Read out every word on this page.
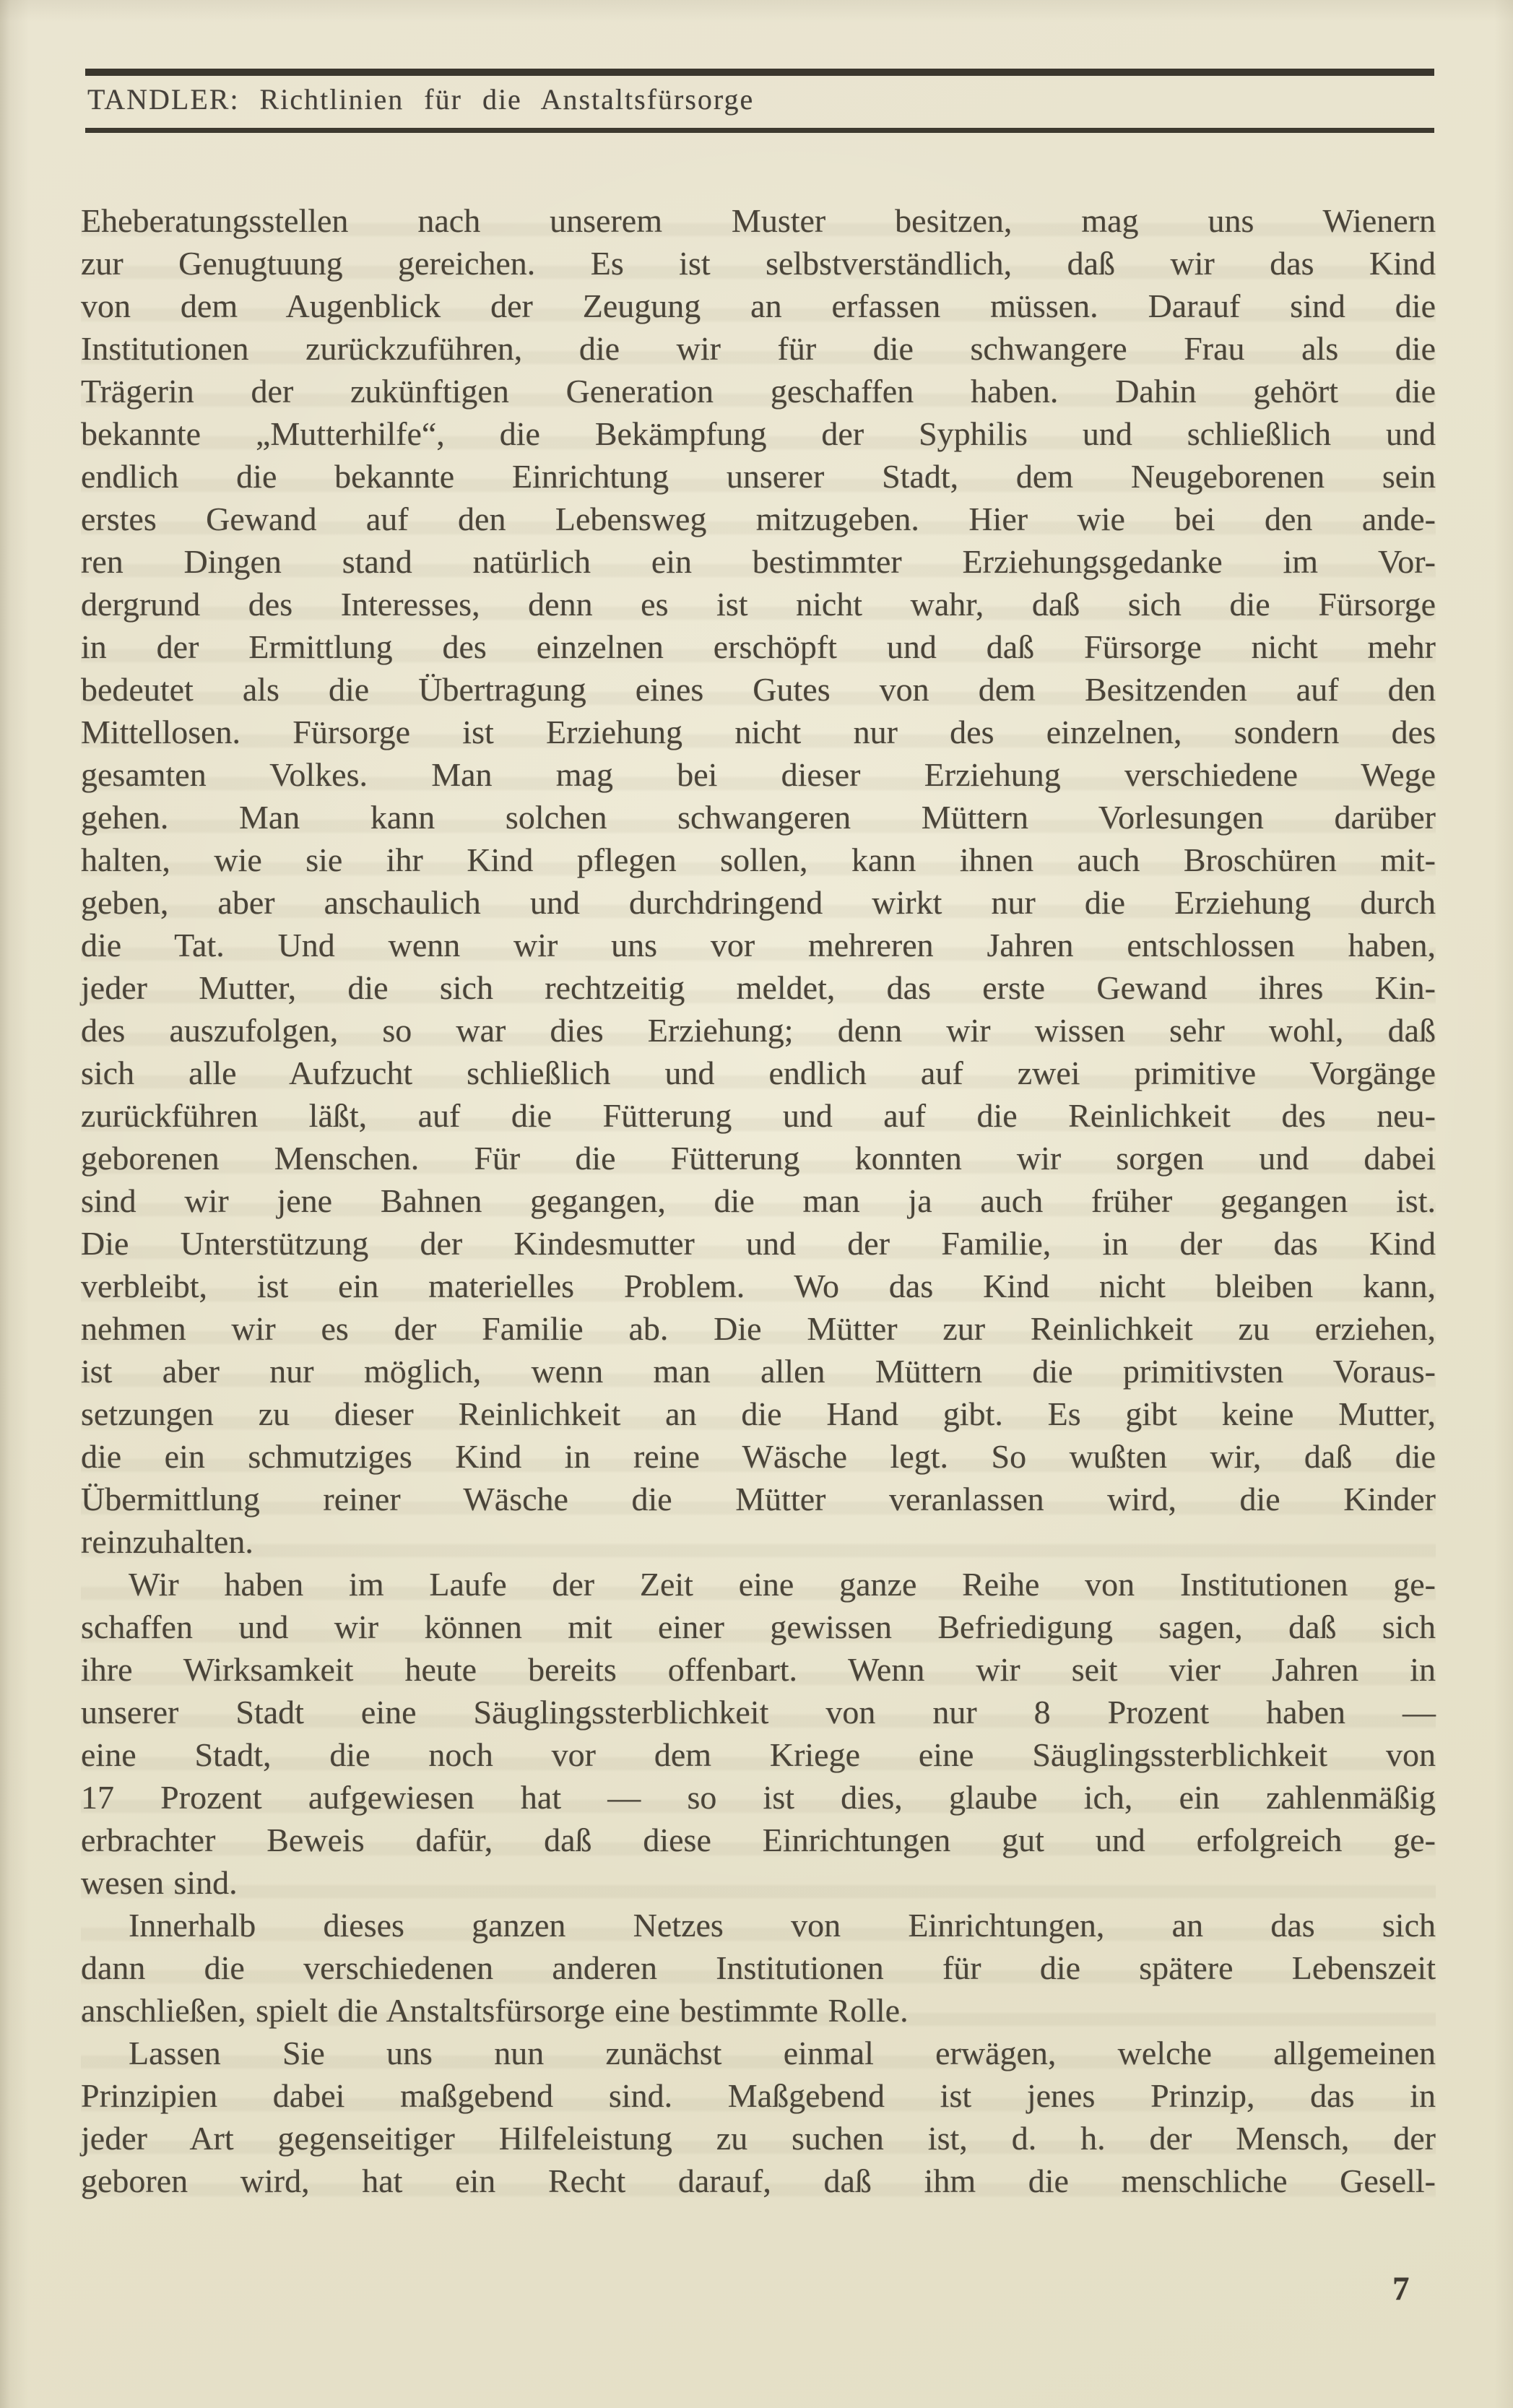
TANDLER: Richtlinien für die Anstaltsfürsorge
Eheberatungsstellen nach unserem Muster besitzen, mag uns Wienern
zur Genugtuung gereichen. Es ist selbstverständlich, daß wir das Kind
von dem Augenblick der Zeugung an erfassen müssen. Darauf sind die
Institutionen zurückzuführen, die wir für die schwangere Frau als die
Trägerin der zukünftigen Generation geschaffen haben. Dahin gehört die
bekannte „Mutterhilfe“, die Bekämpfung der Syphilis und schließlich und
endlich die bekannte Einrichtung unserer Stadt, dem Neugeborenen sein
erstes Gewand auf den Lebensweg mitzugeben. Hier wie bei den ande-
ren Dingen stand natürlich ein bestimmter Erziehungsgedanke im Vor-
dergrund des Interesses, denn es ist nicht wahr, daß sich die Fürsorge
in der Ermittlung des einzelnen erschöpft und daß Fürsorge nicht mehr
bedeutet als die Übertragung eines Gutes von dem Besitzenden auf den
Mittellosen. Fürsorge ist Erziehung nicht nur des einzelnen, sondern des
gesamten Volkes. Man mag bei dieser Erziehung verschiedene Wege
gehen. Man kann solchen schwangeren Müttern Vorlesungen darüber
halten, wie sie ihr Kind pflegen sollen, kann ihnen auch Broschüren mit-
geben, aber anschaulich und durchdringend wirkt nur die Erziehung durch
die Tat. Und wenn wir uns vor mehreren Jahren entschlossen haben,
jeder Mutter, die sich rechtzeitig meldet, das erste Gewand ihres Kin-
des auszufolgen, so war dies Erziehung; denn wir wissen sehr wohl, daß
sich alle Aufzucht schließlich und endlich auf zwei primitive Vorgänge
zurückführen läßt, auf die Fütterung und auf die Reinlichkeit des neu-
geborenen Menschen. Für die Fütterung konnten wir sorgen und dabei
sind wir jene Bahnen gegangen, die man ja auch früher gegangen ist.
Die Unterstützung der Kindesmutter und der Familie, in der das Kind
verbleibt, ist ein materielles Problem. Wo das Kind nicht bleiben kann,
nehmen wir es der Familie ab. Die Mütter zur Reinlichkeit zu erziehen,
ist aber nur möglich, wenn man allen Müttern die primitivsten Voraus-
setzungen zu dieser Reinlichkeit an die Hand gibt. Es gibt keine Mutter,
die ein schmutziges Kind in reine Wäsche legt. So wußten wir, daß die
Übermittlung reiner Wäsche die Mütter veranlassen wird, die Kinder
reinzuhalten.
Wir haben im Laufe der Zeit eine ganze Reihe von Institutionen ge-
schaffen und wir können mit einer gewissen Befriedigung sagen, daß sich
ihre Wirksamkeit heute bereits offenbart. Wenn wir seit vier Jahren in
unserer Stadt eine Säuglingssterblichkeit von nur 8 Prozent haben —
eine Stadt, die noch vor dem Kriege eine Säuglingssterblichkeit von
17 Prozent aufgewiesen hat — so ist dies, glaube ich, ein zahlenmäßig
erbrachter Beweis dafür, daß diese Einrichtungen gut und erfolgreich ge-
wesen sind.
Innerhalb dieses ganzen Netzes von Einrichtungen, an das sich
dann die verschiedenen anderen Institutionen für die spätere Lebenszeit
anschließen, spielt die Anstaltsfürsorge eine bestimmte Rolle.
Lassen Sie uns nun zunächst einmal erwägen, welche allgemeinen
Prinzipien dabei maßgebend sind. Maßgebend ist jenes Prinzip, das in
jeder Art gegenseitiger Hilfeleistung zu suchen ist, d. h. der Mensch, der
geboren wird, hat ein Recht darauf, daß ihm die menschliche Gesell-
7
